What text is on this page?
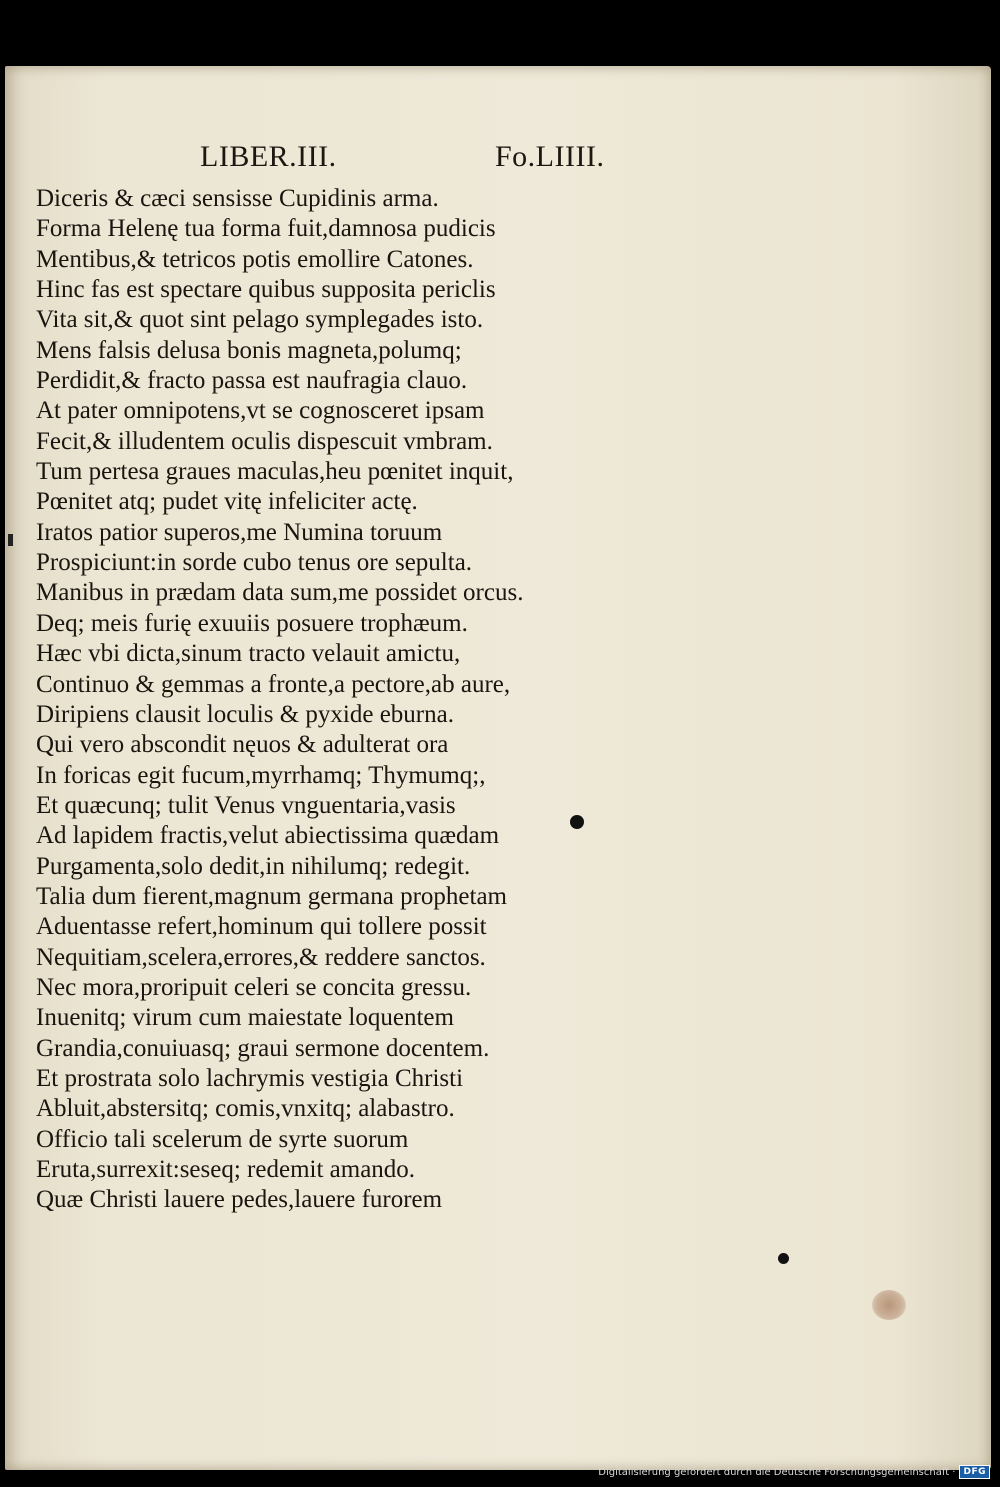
LIBER.III.	Fo.LIIII.
Diceris & cæci sensisse Cupidinis arma.
Forma Helenę tua forma fuit,damnosa pudicis
Mentibus,& tetricos potis emollire Catones.
Hinc fas est spectare quibus supposita periclis
Vita sit,& quot sint pelago symplegades isto.
Mens falsis delusa bonis magneta,polumq;
Perdidit,& fracto passa est naufragia clauo.
At pater omnipotens,vt se cognosceret ipsam
Fecit,& illudentem oculis dispescuit vmbram.
Tum pertesa graues maculas,heu pœnitet inquit,
Pœnitet atq; pudet vitę infeliciter actę.
Iratos patior superos,me Numina toruum
Prospiciunt:in sorde cubo tenus ore sepulta.
Manibus in prædam data sum,me possidet orcus.
Deq; meis furię exuuiis posuere trophæum.
Hæc vbi dicta,sinum tracto velauit amictu,
Continuo & gemmas a fronte,a pectore,ab aure,
Diripiens clausit loculis & pyxide eburna.
Qui vero abscondit nęuos & adulterat ora
In foricas egit fucum,myrrhamq; Thymumq;,
Et quæcunq; tulit Venus vnguentaria,vasis
Ad lapidem fractis,velut abiectissima quædam
Purgamenta,solo dedit,in nihilumq; redegit.
Talia dum fierent,magnum germana prophetam
Aduentasse refert,hominum qui tollere possit
Nequitiam,scelera,errores,& reddere sanctos.
Nec mora,proripuit celeri se concita gressu.
Inuenitq; virum cum maiestate loquentem
Grandia,conuiuasq; graui sermone docentem.
Et prostrata solo lachrymis vestigia Christi
Abluit,abstersitq; comis,vnxitq; alabastro.
Officio tali scelerum de syrte suorum
Eruta,surrexit:seseq; redemit amando.
Quæ Christi lauere pedes,lauere furorem
Digitalisierung gefördert durch die Deutsche Forschungsgemeinschaft · DFG
